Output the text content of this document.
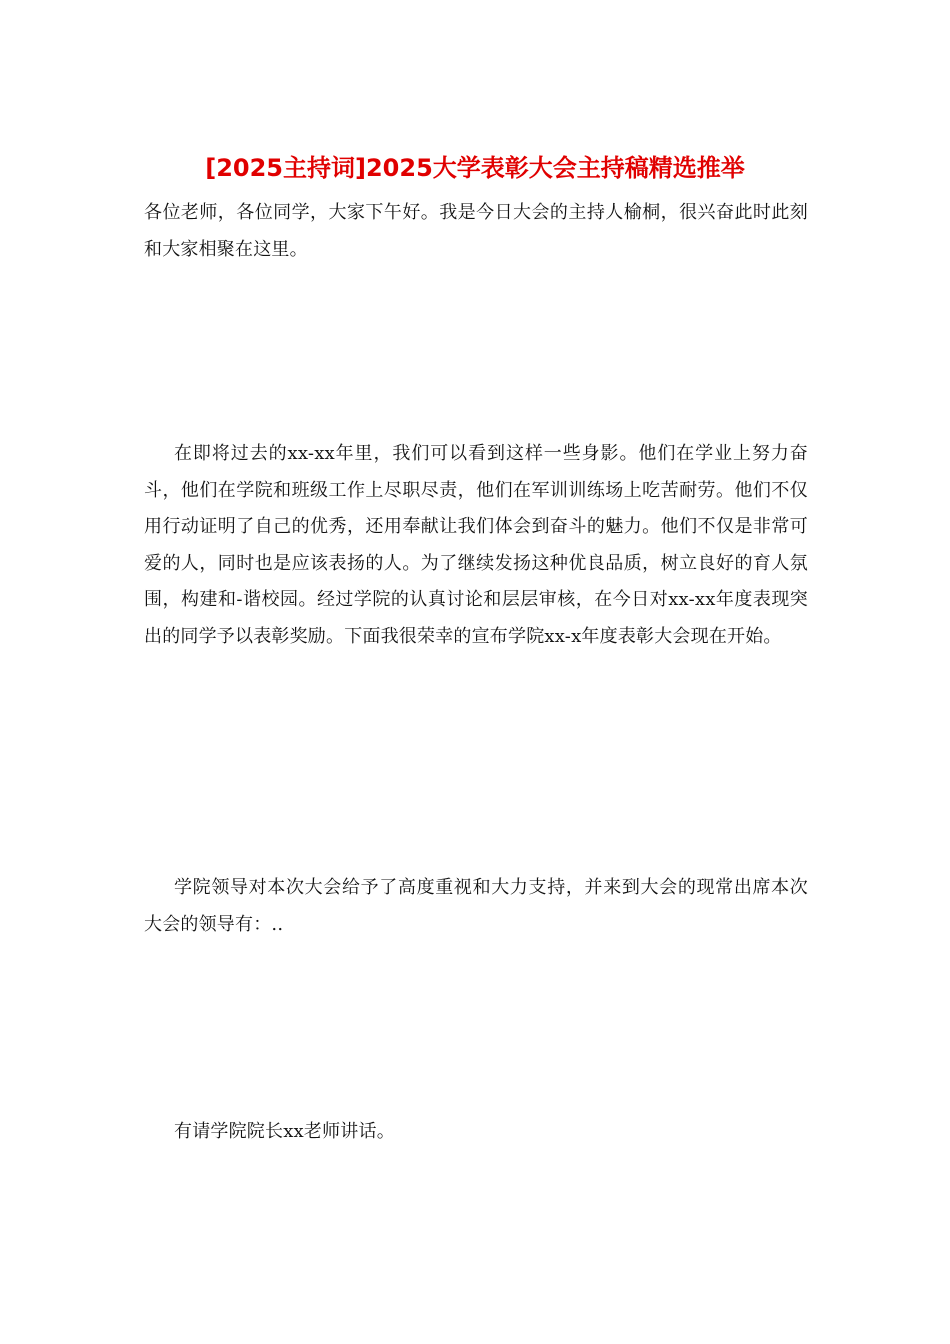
[2025主持词]2025大学表彰大会主持稿精选推举

各位老师，各位同学，大家下午好。我是今日大会的主持人榆桐，很兴奋此时此刻和大家相聚在这里。

在即将过去的xx-xx年里，我们可以看到这样一些身影。他们在学业上努力奋斗，他们在学院和班级工作上尽职尽责，他们在军训训练场上吃苦耐劳。他们不仅用行动证明了自己的优秀，还用奉献让我们体会到奋斗的魅力。他们不仅是非常可爱的人，同时也是应该表扬的人。为了继续发扬这种优良品质，树立良好的育人氛围，构建和-谐校园。经过学院的认真讨论和层层审核，在今日对xx-xx年度表现突出的同学予以表彰奖励。下面我很荣幸的宣布学院xx-x年度表彰大会现在开始。

学院领导对本次大会给予了高度重视和大力支持，并来到大会的现常出席本次大会的领导有：..

有请学院院长xx老师讲话。
